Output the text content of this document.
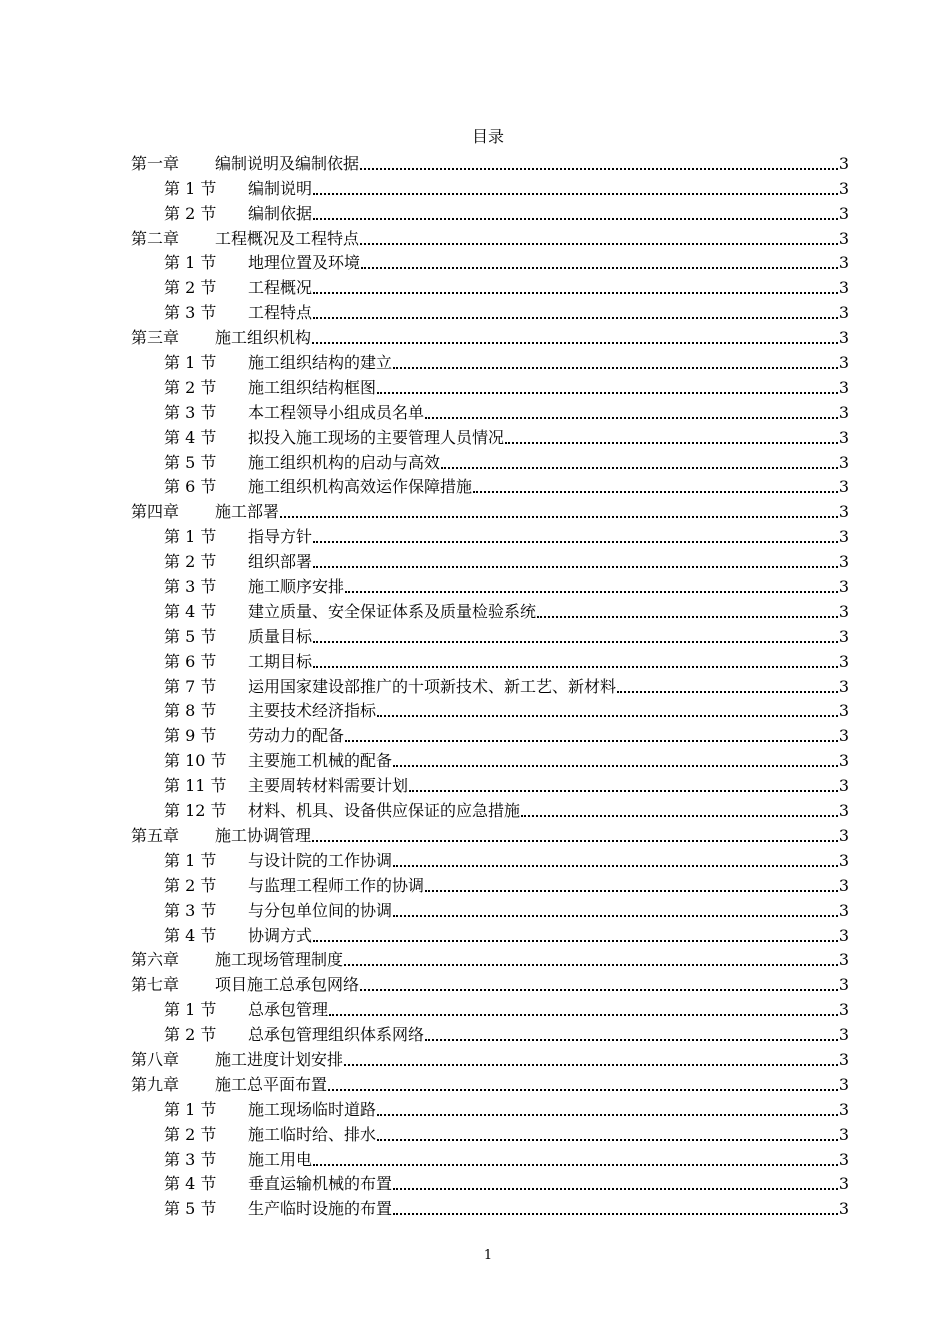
目录
第一章	编制说明及编制依据	3
第 1 节	编制说明	3
第 2 节	编制依据	3
第二章	工程概况及工程特点	3
第 1 节	地理位置及环境	3
第 2 节	工程概况	3
第 3 节	工程特点	3
第三章	施工组织机构	3
第 1 节	施工组织结构的建立	3
第 2 节	施工组织结构框图	3
第 3 节	本工程领导小组成员名单	3
第 4 节	拟投入施工现场的主要管理人员情况	3
第 5 节	施工组织机构的启动与高效	3
第 6 节	施工组织机构高效运作保障措施	3
第四章	施工部署	3
第 1 节	指导方针	3
第 2 节	组织部署	3
第 3 节	施工顺序安排	3
第 4 节	建立质量、安全保证体系及质量检验系统	3
第 5 节	质量目标	3
第 6 节	工期目标	3
第 7 节	运用国家建设部推广的十项新技术、新工艺、新材料	3
第 8 节	主要技术经济指标	3
第 9 节	劳动力的配备	3
第 10 节	主要施工机械的配备	3
第 11 节	主要周转材料需要计划	3
第 12 节	材料、机具、设备供应保证的应急措施	3
第五章	施工协调管理	3
第 1 节	与设计院的工作协调	3
第 2 节	与监理工程师工作的协调	3
第 3 节	与分包单位间的协调	3
第 4 节	协调方式	3
第六章	施工现场管理制度	3
第七章	项目施工总承包网络	3
第 1 节	总承包管理	3
第 2 节	总承包管理组织体系网络	3
第八章	施工进度计划安排	3
第九章	施工总平面布置	3
第 1 节	施工现场临时道路	3
第 2 节	施工临时给、排水	3
第 3 节	施工用电	3
第 4 节	垂直运输机械的布置	3
第 5 节	生产临时设施的布置	3
1
